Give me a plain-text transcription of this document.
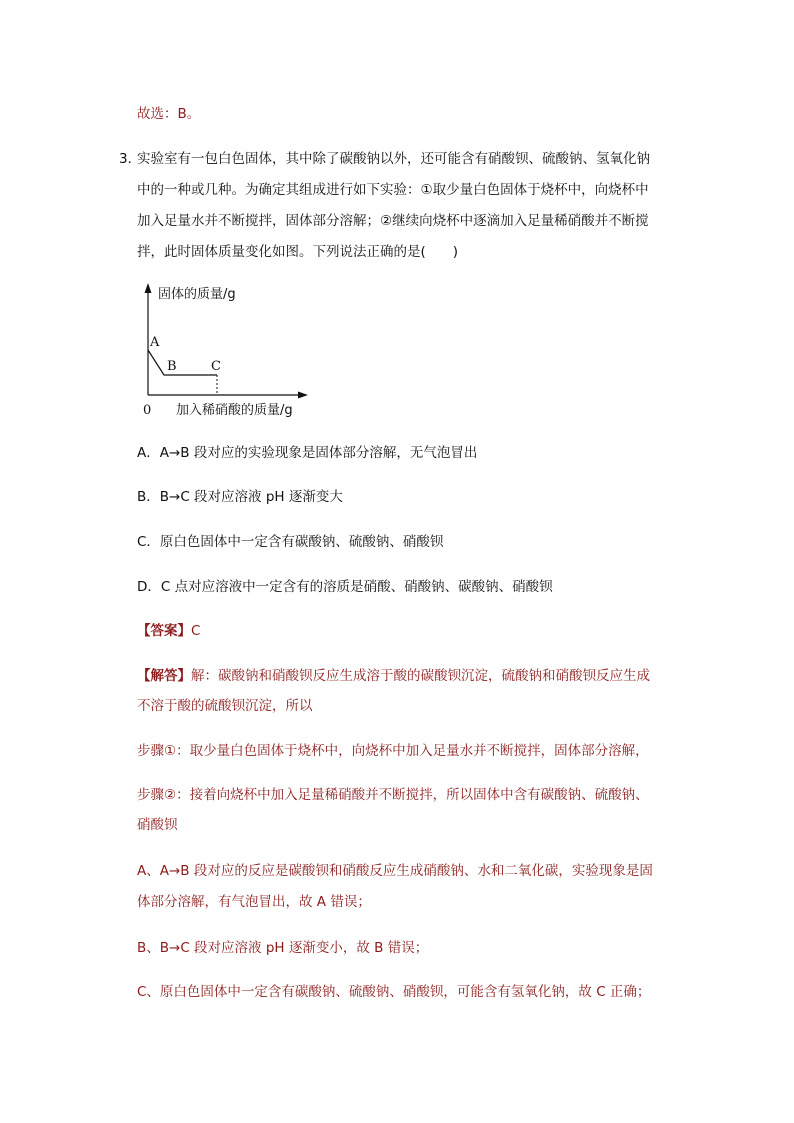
故选：B。
3．
实验室有一包白色固体，其中除了碳酸钠以外，还可能含有硝酸钡、硫酸钠、氢氧化钠
中的一种或几种。为确定其组成进行如下实验：①取少量白色固体于烧杯中，向烧杯中
加入足量水并不断搅拌，固体部分溶解；②继续向烧杯中逐滴加入足量稀硝酸并不断搅
拌，此时固体质量变化如图。下列说法正确的是(　　)
固体的质量/g
加入稀硝酸的质量/g
0
A
B	C
A．A→B 段对应的实验现象是固体部分溶解，无气泡冒出
B．B→C 段对应溶液 pH 逐渐变大
C．原白色固体中一定含有碳酸钠、硫酸钠、硝酸钡
D．C 点对应溶液中一定含有的溶质是硝酸、硝酸钠、碳酸钠、硝酸钡
【答案】C
【解答】解：碳酸钠和硝酸钡反应生成溶于酸的碳酸钡沉淀，硫酸钠和硝酸钡反应生成
不溶于酸的硫酸钡沉淀，所以
步骤①：取少量白色固体于烧杯中，向烧杯中加入足量水并不断搅拌，固体部分溶解，
步骤②：接着向烧杯中加入足量稀硝酸并不断搅拌，所以固体中含有碳酸钠、硫酸钠、
硝酸钡
A、A→B 段对应的反应是碳酸钡和硝酸反应生成硝酸钠、水和二氧化碳，实验现象是固
体部分溶解，有气泡冒出，故 A 错误；
B、B→C 段对应溶液 pH 逐渐变小，故 B 错误；
C、原白色固体中一定含有碳酸钠、硫酸钠、硝酸钡，可能含有氢氧化钠，故 C 正确；
